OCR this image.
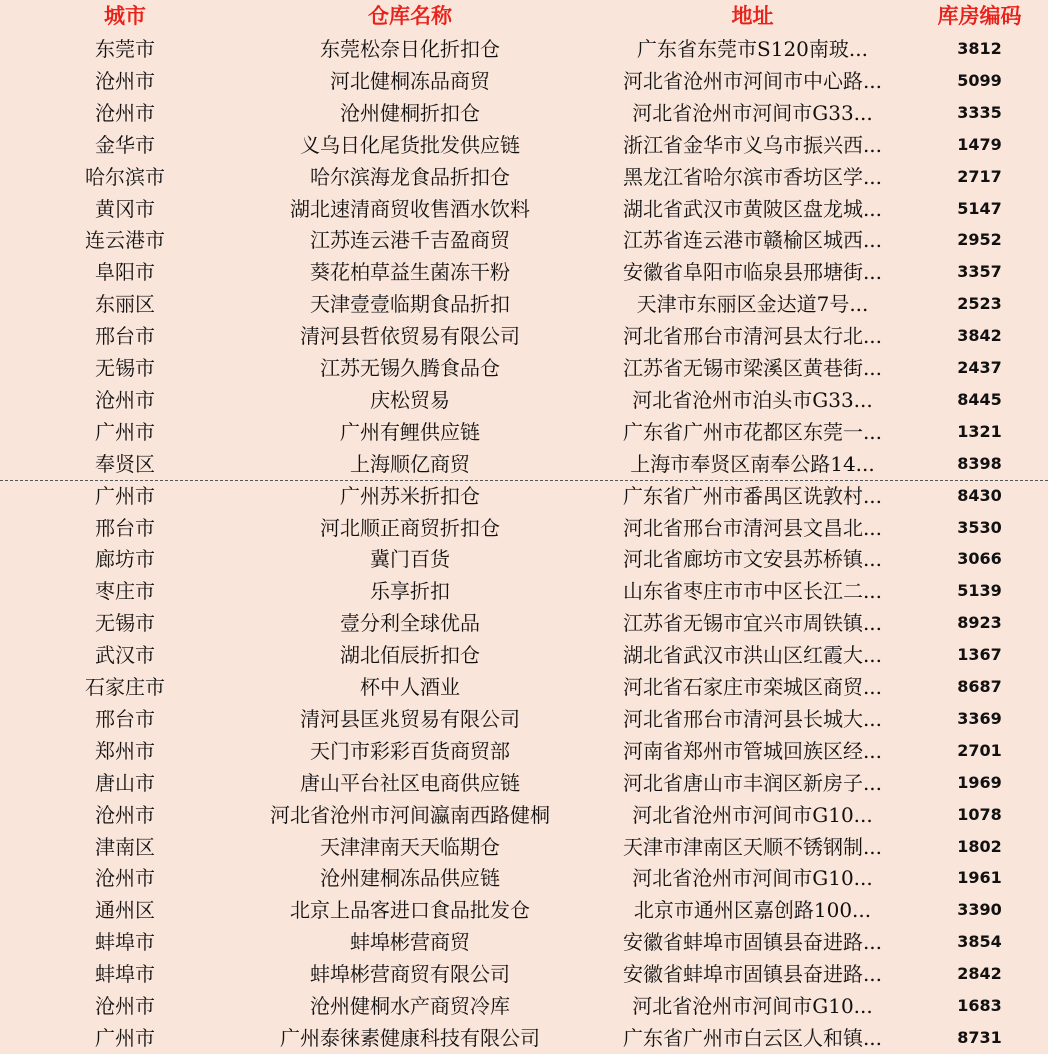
城市	仓库名称	地址	库房编码
东莞市	东莞松奈日化折扣仓	广东省东莞市S120南玻...	3812
沧州市	河北健桐冻品商贸	河北省沧州市河间市中心路...	5099
沧州市	沧州健桐折扣仓	河北省沧州市河间市G33...	3335
金华市	义乌日化尾货批发供应链	浙江省金华市义乌市振兴西...	1479
哈尔滨市	哈尔滨海龙食品折扣仓	黑龙江省哈尔滨市香坊区学...	2717
黄冈市	湖北速清商贸收售酒水饮料	湖北省武汉市黄陂区盘龙城...	5147
连云港市	江苏连云港千吉盈商贸	江苏省连云港市赣榆区城西...	2952
阜阳市	葵花柏草益生菌冻干粉	安徽省阜阳市临泉县邢塘街...	3357
东丽区	天津壹壹临期食品折扣	天津市东丽区金达道7号...	2523
邢台市	清河县哲依贸易有限公司	河北省邢台市清河县太行北...	3842
无锡市	江苏无锡久腾食品仓	江苏省无锡市梁溪区黄巷街...	2437
沧州市	庆松贸易	河北省沧州市泊头市G33...	8445
广州市	广州有鲤供应链	广东省广州市花都区东莞一...	1321
奉贤区	上海顺亿商贸	上海市奉贤区南奉公路14...	8398
广州市	广州苏米折扣仓	广东省广州市番禺区诜敦村...	8430
邢台市	河北顺正商贸折扣仓	河北省邢台市清河县文昌北...	3530
廊坊市	冀门百货	河北省廊坊市文安县苏桥镇...	3066
枣庄市	乐享折扣	山东省枣庄市市中区长江二...	5139
无锡市	壹分利全球优品	江苏省无锡市宜兴市周铁镇...	8923
武汉市	湖北佰辰折扣仓	湖北省武汉市洪山区红霞大...	1367
石家庄市	杯中人酒业	河北省石家庄市栾城区商贸...	8687
邢台市	清河县匡兆贸易有限公司	河北省邢台市清河县长城大...	3369
郑州市	天门市彩彩百货商贸部	河南省郑州市管城回族区经...	2701
唐山市	唐山平台社区电商供应链	河北省唐山市丰润区新房子...	1969
沧州市	河北省沧州市河间瀛南西路健桐	河北省沧州市河间市G10...	1078
津南区	天津津南天天临期仓	天津市津南区天顺不锈钢制...	1802
沧州市	沧州建桐冻品供应链	河北省沧州市河间市G10...	1961
通州区	北京上品客进口食品批发仓	北京市通州区嘉创路100...	3390
蚌埠市	蚌埠彬营商贸	安徽省蚌埠市固镇县奋进路...	3854
蚌埠市	蚌埠彬营商贸有限公司	安徽省蚌埠市固镇县奋进路...	2842
沧州市	沧州健桐水产商贸冷库	河北省沧州市河间市G10...	1683
广州市	广州泰徕素健康科技有限公司	广东省广州市白云区人和镇...	8731
